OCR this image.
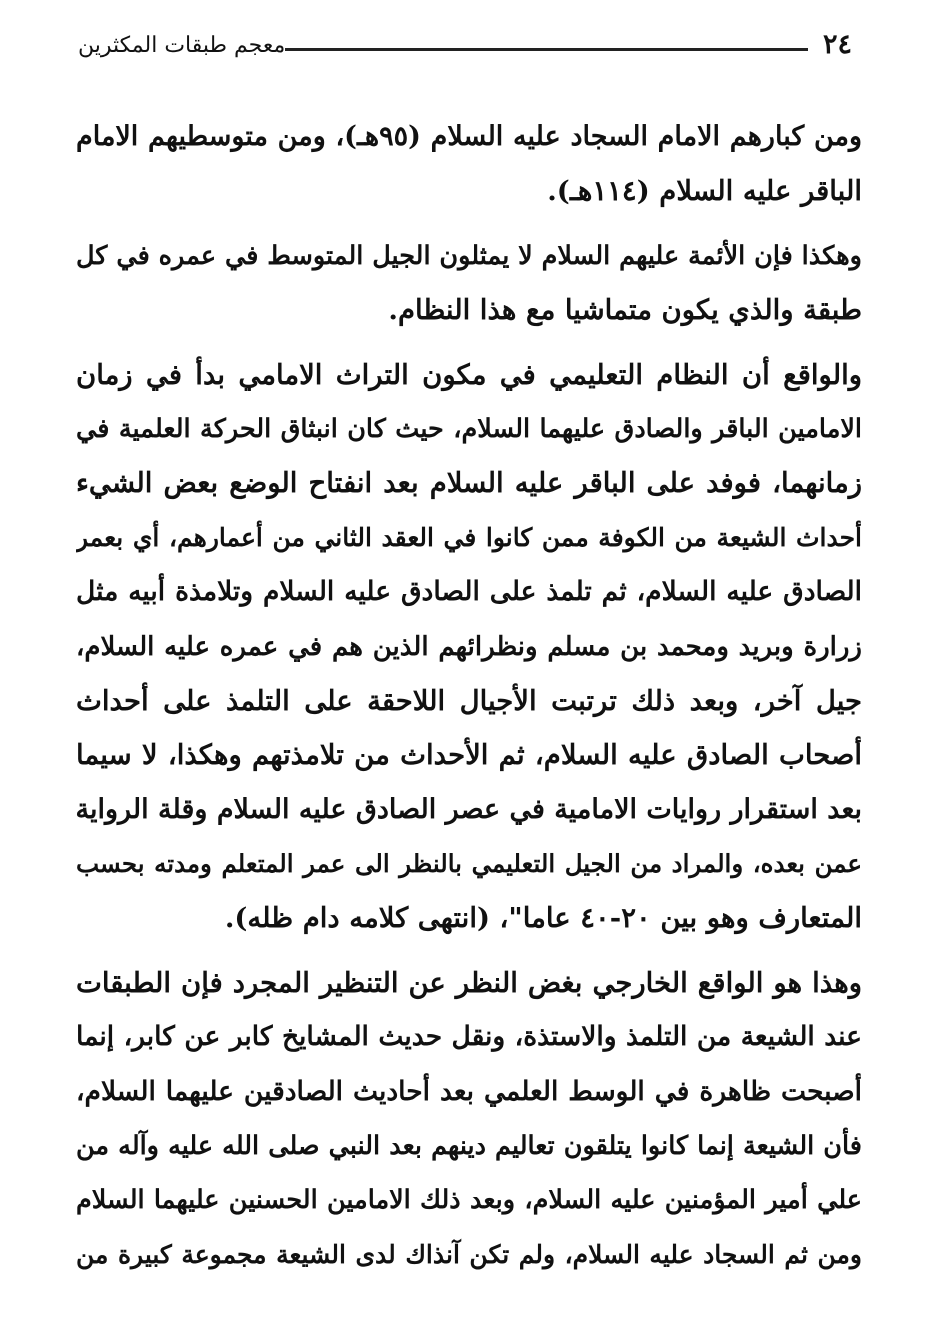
٢٤
معجم طبقات المكثرين
ومن كبارهم الامام السجاد عليه السلام (٩٥هـ)، ومن متوسطيهم الامام
الباقر عليه السلام (١١٤هـ).
وهكذا فإن الأئمة عليهم السلام لا يمثلون الجيل المتوسط في عمره في كل
طبقة والذي يكون متماشيا مع هذا النظام.
والواقع أن النظام التعليمي في مكون التراث الامامي بدأ في زمان
الامامين الباقر والصادق عليهما السلام، حيث كان انبثاق الحركة العلمية في
زمانهما، فوفد على الباقر عليه السلام بعد انفتاح الوضع بعض الشيء
أحداث الشيعة من الكوفة ممن كانوا في العقد الثاني من أعمارهم، أي بعمر
الصادق عليه السلام، ثم تلمذ على الصادق عليه السلام وتلامذة أبيه مثل
زرارة وبريد ومحمد بن مسلم ونظرائهم الذين هم في عمره عليه السلام،
جيل آخر، وبعد ذلك ترتبت الأجيال اللاحقة على التلمذ على أحداث
أصحاب الصادق عليه السلام، ثم الأحداث من تلامذتهم وهكذا، لا سيما
بعد استقرار روايات الامامية في عصر الصادق عليه السلام وقلة الرواية
عمن بعده، والمراد من الجيل التعليمي بالنظر الى عمر المتعلم ومدته بحسب
المتعارف وهو بين ٢٠-٤٠ عاما"، (انتهى كلامه دام ظله).
وهذا هو الواقع الخارجي بغض النظر عن التنظير المجرد فإن الطبقات
عند الشيعة من التلمذ والاستذة، ونقل حديث المشايخ كابر عن كابر، إنما
أصبحت ظاهرة في الوسط العلمي بعد أحاديث الصادقين عليهما السلام،
فأن الشيعة إنما كانوا يتلقون تعاليم دينهم بعد النبي صلى الله عليه وآله من
علي أمير المؤمنين عليه السلام، وبعد ذلك الامامين الحسنين عليهما السلام
ومن ثم السجاد عليه السلام، ولم تكن آنذاك لدى الشيعة مجموعة كبيرة من
